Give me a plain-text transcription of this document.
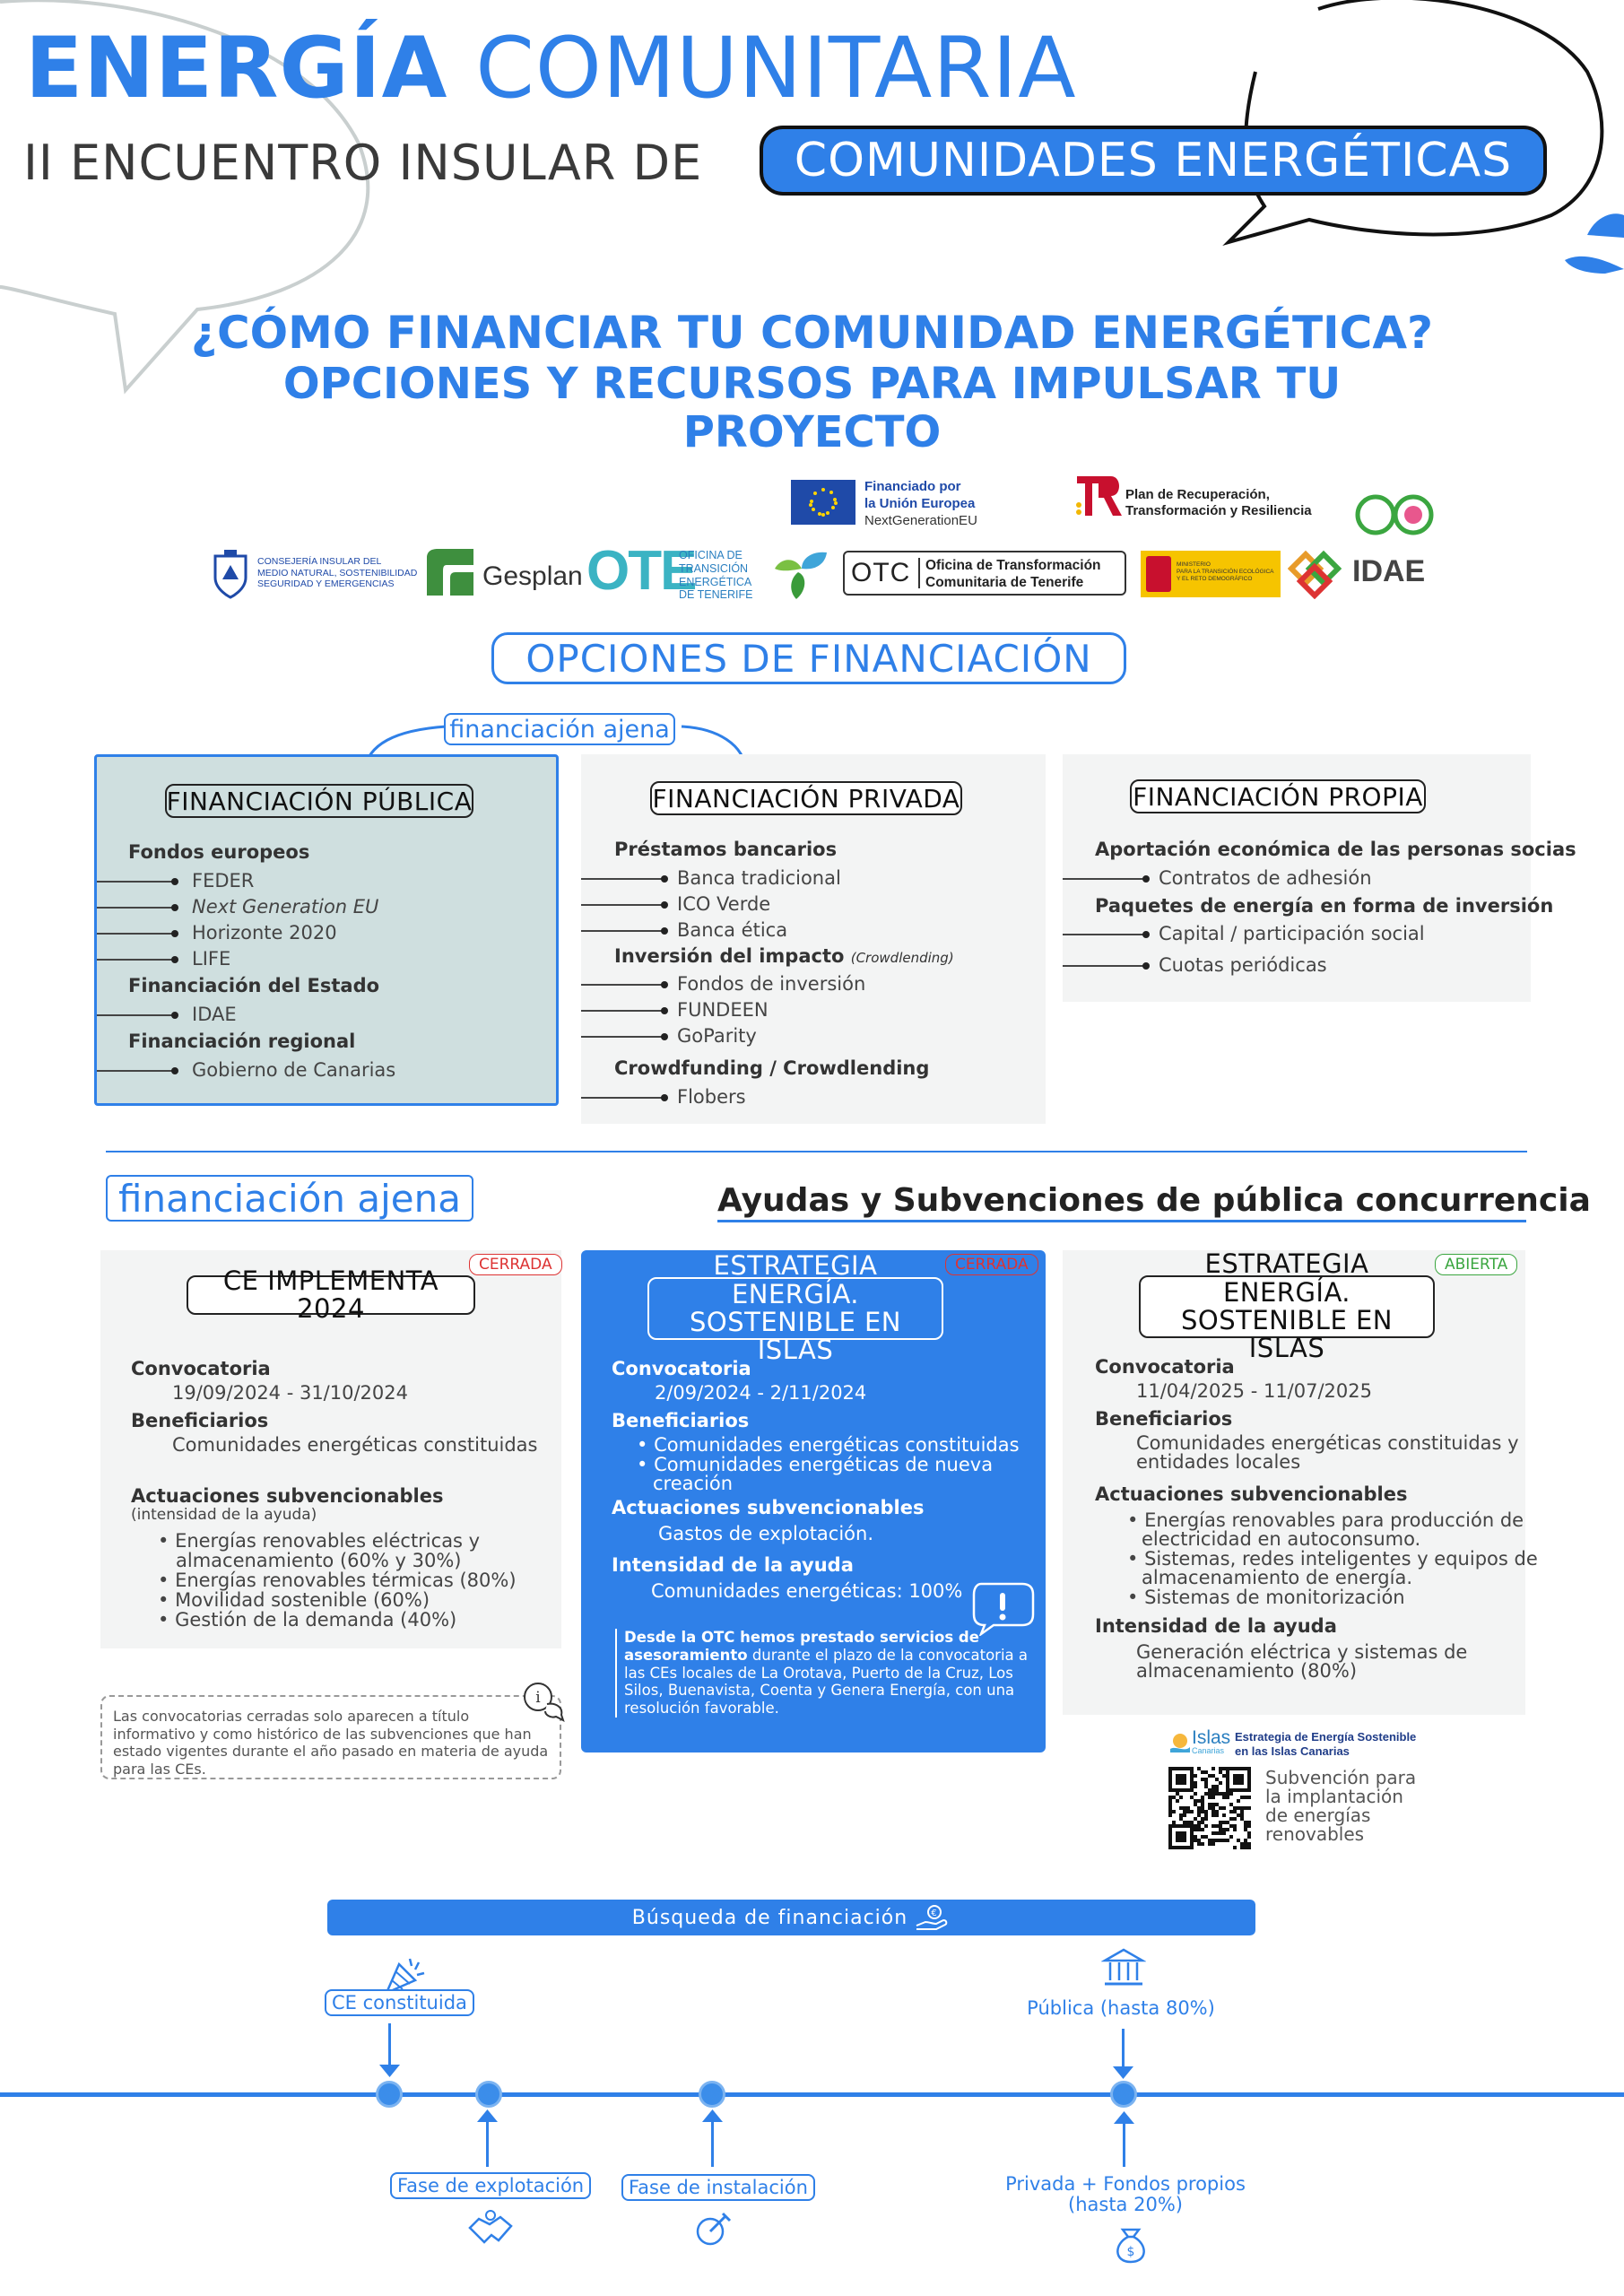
ENERGÍA COMUNITARIA
II ENCUENTRO INSULAR DE	COMUNIDADES ENERGÉTICAS
¿CÓMO FINANCIAR TU COMUNIDAD ENERGÉTICA?
OPCIONES Y RECURSOS PARA IMPULSAR TU
PROYECTO
Financiado por
la Unión Europea
NextGenerationEU
Plan de Recuperación,
Transformación y Resiliencia
CONSEJERÍA INSULAR DEL
MEDIO NATURAL, SOSTENIBILIDAD
SEGURIDAD Y EMERGENCIAS	Gesplan OTE
OFICINA DE
TRANSICIÓN
ENERGÉTICA
DE TENERIFE
OTC Oficina de Transformación
Comunitaria de Tenerife
MINISTERIO
PARA LA TRANSICIÓN ECOLÓGICA
Y EL RETO DEMOGRÁFICO	IDAE
OPCIONES DE FINANCIACIÓN
financiación ajena
FINANCIACIÓN PÚBLICA
Fondos europeos
FEDER
Next Generation EU
Horizonte 2020
LIFE
Financiación del Estado
IDAE
Financiación regional
Gobierno de Canarias
FINANCIACIÓN PRIVADA
Préstamos bancarios
Banca tradicional
ICO Verde
Banca ética
Inversión del impacto (Crowdlending)
Fondos de inversión
FUNDEEN
GoParity
Crowdfunding / Crowdlending
Flobers
FINANCIACIÓN PROPIA
Aportación económica de las personas socias
Contratos de adhesión
Paquetes de energía en forma de inversión
Capital / participación social
Cuotas periódicas
financiación ajena	Ayudas y Subvenciones de pública concurrencia
CERRADA
CE IMPLEMENTA 2024
Convocatoria
19/09/2024 - 31/10/2024
Beneficiarios
Comunidades energéticas constituidas
Actuaciones subvencionables
(intensidad de la ayuda)
• Energías renovables eléctricas y
almacenamiento (60% y 30%)
• Energías renovables térmicas (80%)
• Movilidad sostenible (60%)
• Gestión de la demanda (40%)
CERRADA
ESTRATEGIA ENERGÍA.
SOSTENIBLE EN ISLAS
Convocatoria
2/09/2024 - 2/11/2024
Beneficiarios
• Comunidades energéticas constituidas
• Comunidades energéticas de nueva
creación
Actuaciones subvencionables
Gastos de explotación.
Intensidad de la ayuda
Comunidades energéticas: 100%
Desde la OTC hemos prestado servicios de asesoramiento durante el plazo de la convocatoria a las CEs locales de La Orotava, Puerto de la Cruz, Los Silos, Buenavista, Coenta y Genera Energía, con una resolución favorable.
ABIERTA
ESTRATEGIA ENERGÍA.
SOSTENIBLE EN ISLAS
Convocatoria
11/04/2025 - 11/07/2025
Beneficiarios
Comunidades energéticas constituidas y
entidades locales
Actuaciones subvencionables
• Energías renovables para producción de
electricidad en autoconsumo.
• Sistemas, redes inteligentes y equipos de
almacenamiento de energía.
• Sistemas de monitorización
Intensidad de la ayuda
Generación eléctrica y sistemas de
almacenamiento (80%)
Las convocatorias cerradas solo aparecen a título informativo y como histórico de las subvenciones que han estado vigentes durante el año pasado en materia de ayuda para las CEs.
i
Islas
Canarias
Estrategia de Energía Sostenible
en las Islas Canarias
Subvención para
la implantación
de energías
renovables
Búsqueda de financiación	€
CE constituida	Pública (hasta 80%)
Fase de explotación	Fase de instalación	Privada + Fondos propios
(hasta 20%)
$
